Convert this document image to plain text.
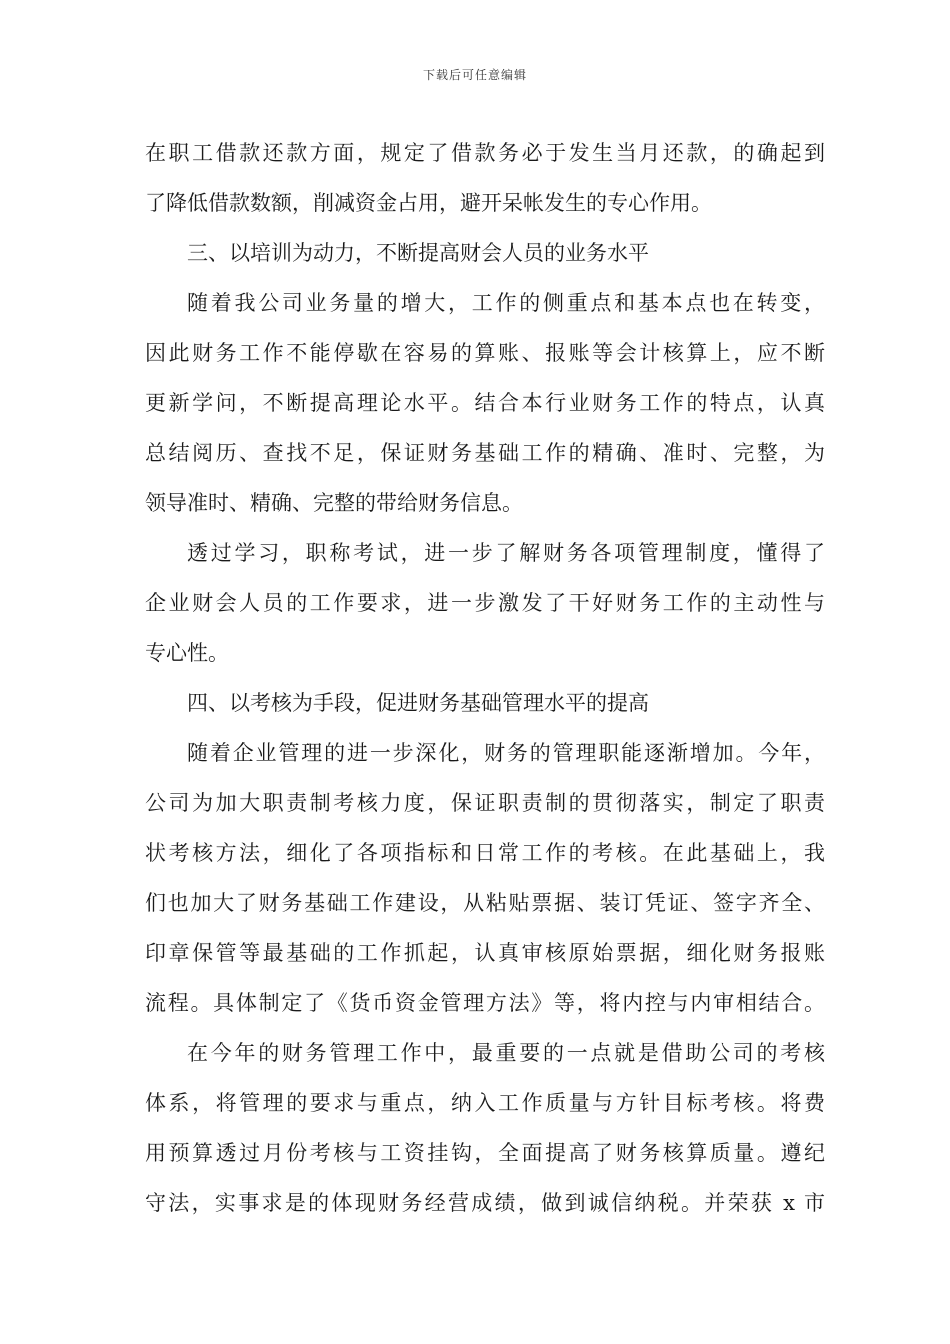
下载后可任意编辑
在职工借款还款方面，规定了借款务必于发生当月还款，的确起到
了降低借款数额，削减资金占用，避开呆帐发生的专心作用。
三、以培训为动力，不断提高财会人员的业务水平
随着我公司业务量的增大，工作的侧重点和基本点也在转变，
因此财务工作不能停歇在容易的算账、报账等会计核算上，应不断
更新学问，不断提高理论水平。结合本行业财务工作的特点，认真
总结阅历、查找不足，保证财务基础工作的精确、准时、完整，为
领导准时、精确、完整的带给财务信息。
透过学习，职称考试，进一步了解财务各项管理制度，懂得了
企业财会人员的工作要求，进一步激发了干好财务工作的主动性与
专心性。
四、以考核为手段，促进财务基础管理水平的提高
随着企业管理的进一步深化，财务的管理职能逐渐增加。今年，
公司为加大职责制考核力度，保证职责制的贯彻落实，制定了职责
状考核方法，细化了各项指标和日常工作的考核。在此基础上，我
们也加大了财务基础工作建设，从粘贴票据、装订凭证、签字齐全、
印章保管等最基础的工作抓起，认真审核原始票据，细化财务报账
流程。具体制定了《货币资金管理方法》等，将内控与内审相结合。
在今年的财务管理工作中，最重要的一点就是借助公司的考核
体系，将管理的要求与重点，纳入工作质量与方针目标考核。将费
用预算透过月份考核与工资挂钩，全面提高了财务核算质量。遵纪
守法，实事求是的体现财务经营成绩，做到诚信纳税。并荣获 x 市
